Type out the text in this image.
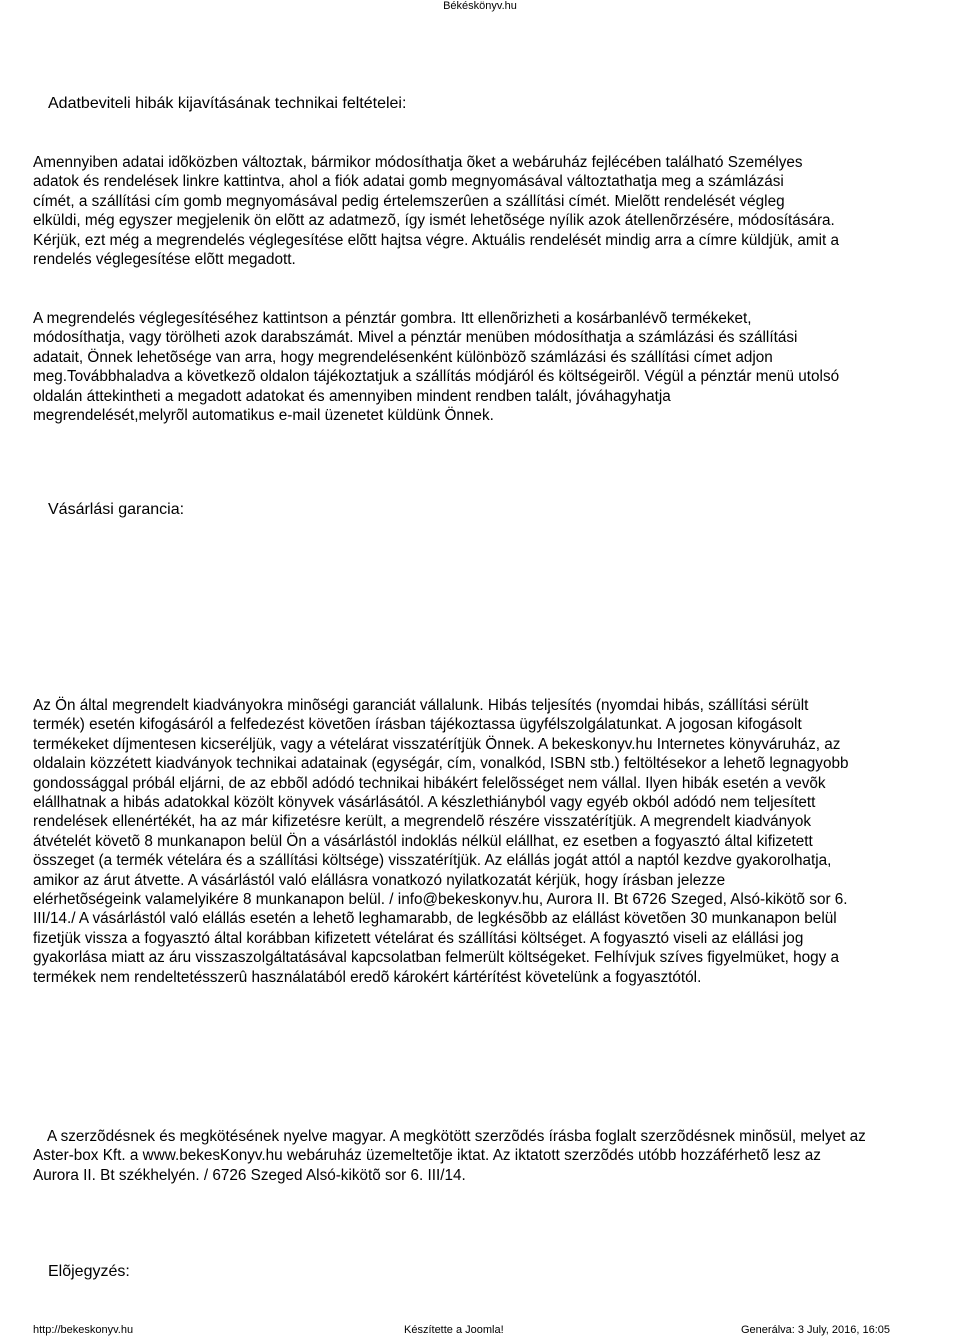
Békéskönyv.hu
Adatbeviteli hibák kijavításának technikai feltételei:
Amennyiben adatai idõközben változtak, bármikor módosíthatja õket a webáruház fejlécében található Személyes
adatok és rendelések linkre kattintva, ahol a fiók adatai gomb megnyomásával változtathatja meg a számlázási
címét, a szállítási cím gomb megnyomásával pedig értelemszerûen a szállítási címét. Mielõtt rendelését végleg
elküldi, még egyszer megjelenik ön elõtt az adatmezõ, így ismét lehetõsége nyílik azok átellenõrzésére, módosítására.
Kérjük, ezt még a megrendelés véglegesítése elõtt hajtsa végre. Aktuális rendelését mindig arra a címre küldjük, amit a
rendelés véglegesítése elõtt megadott.
A megrendelés véglegesítéséhez kattintson a pénztár gombra. Itt ellenõrizheti a kosárbanlévõ termékeket,
módosíthatja, vagy törölheti azok darabszámát. Mivel a pénztár menüben módosíthatja a számlázási és szállítási
adatait, Önnek lehetõsége van arra, hogy megrendelésenként különbözõ számlázási és szállítási címet adjon
meg.Továbbhaladva a következõ oldalon tájékoztatjuk a szállítás módjáról és költségeirõl. Végül a pénztár menü utolsó
oldalán áttekintheti a megadott adatokat és amennyiben mindent rendben talált, jóváhagyhatja
megrendelését,melyrõl automatikus e-mail üzenetet küldünk Önnek.
Vásárlási garancia:
Az Ön által megrendelt kiadványokra minõségi garanciát vállalunk. Hibás teljesítés (nyomdai hibás, szállítási sérült
termék) esetén kifogásáról a felfedezést követõen írásban tájékoztassa ügyfélszolgálatunkat. A jogosan kifogásolt
termékeket díjmentesen kicseréljük, vagy a vételárat visszatérítjük Önnek. A bekeskonyv.hu Internetes könyváruház, az
oldalain közzétett kiadványok technikai adatainak (egységár, cím, vonalkód, ISBN stb.) feltöltésekor a lehetõ legnagyobb
gondossággal próbál eljárni, de az ebbõl adódó technikai hibákért felelõsséget nem vállal. Ilyen hibák esetén a vevõk
elállhatnak a hibás adatokkal közölt könyvek vásárlásától. A készlethiányból vagy egyéb okból adódó nem teljesített
rendelések ellenértékét, ha az már kifizetésre került, a megrendelõ részére visszatérítjük. A megrendelt kiadványok
átvételét követõ 8 munkanapon belül Ön a vásárlástól indoklás nélkül elállhat, ez esetben a fogyasztó által kifizetett
összeget (a termék vételára és a szállítási költsége) visszatérítjük. Az elállás jogát attól a naptól kezdve gyakorolhatja,
amikor az árut átvette. A vásárlástól való elállásra vonatkozó nyilatkozatát kérjük, hogy írásban jelezze
elérhetõségeink valamelyikére 8 munkanapon belül. / info@bekeskonyv.hu, Aurora II. Bt 6726 Szeged, Alsó-kikötõ sor 6.
III/14./ A vásárlástól való elállás esetén a lehetõ leghamarabb, de legkésõbb az elállást követõen 30 munkanapon belül
fizetjük vissza a fogyasztó által korábban kifizetett vételárat és szállítási költséget. A fogyasztó viseli az elállási jog
gyakorlása miatt az áru visszaszolgáltatásával kapcsolatban felmerült költségeket. Felhívjuk szíves figyelmüket, hogy a
termékek nem rendeltetésszerû használatából eredõ károkért kártérítést követelünk a fogyasztótól.
A szerzõdésnek és megkötésének nyelve magyar. A megkötött szerzõdés írásba foglalt szerzõdésnek minõsül, melyet az
Aster-box Kft. a www.bekesKonyv.hu webáruház üzemeltetõje iktat. Az iktatott szerzõdés utóbb hozzáférhetõ lesz az
Aurora II. Bt székhelyén. / 6726 Szeged Alsó-kikötõ sor 6. III/14.
Elõjegyzés:
http://bekeskonyv.hu	Készítette a Joomla!	Generálva: 3 July, 2016, 16:05
